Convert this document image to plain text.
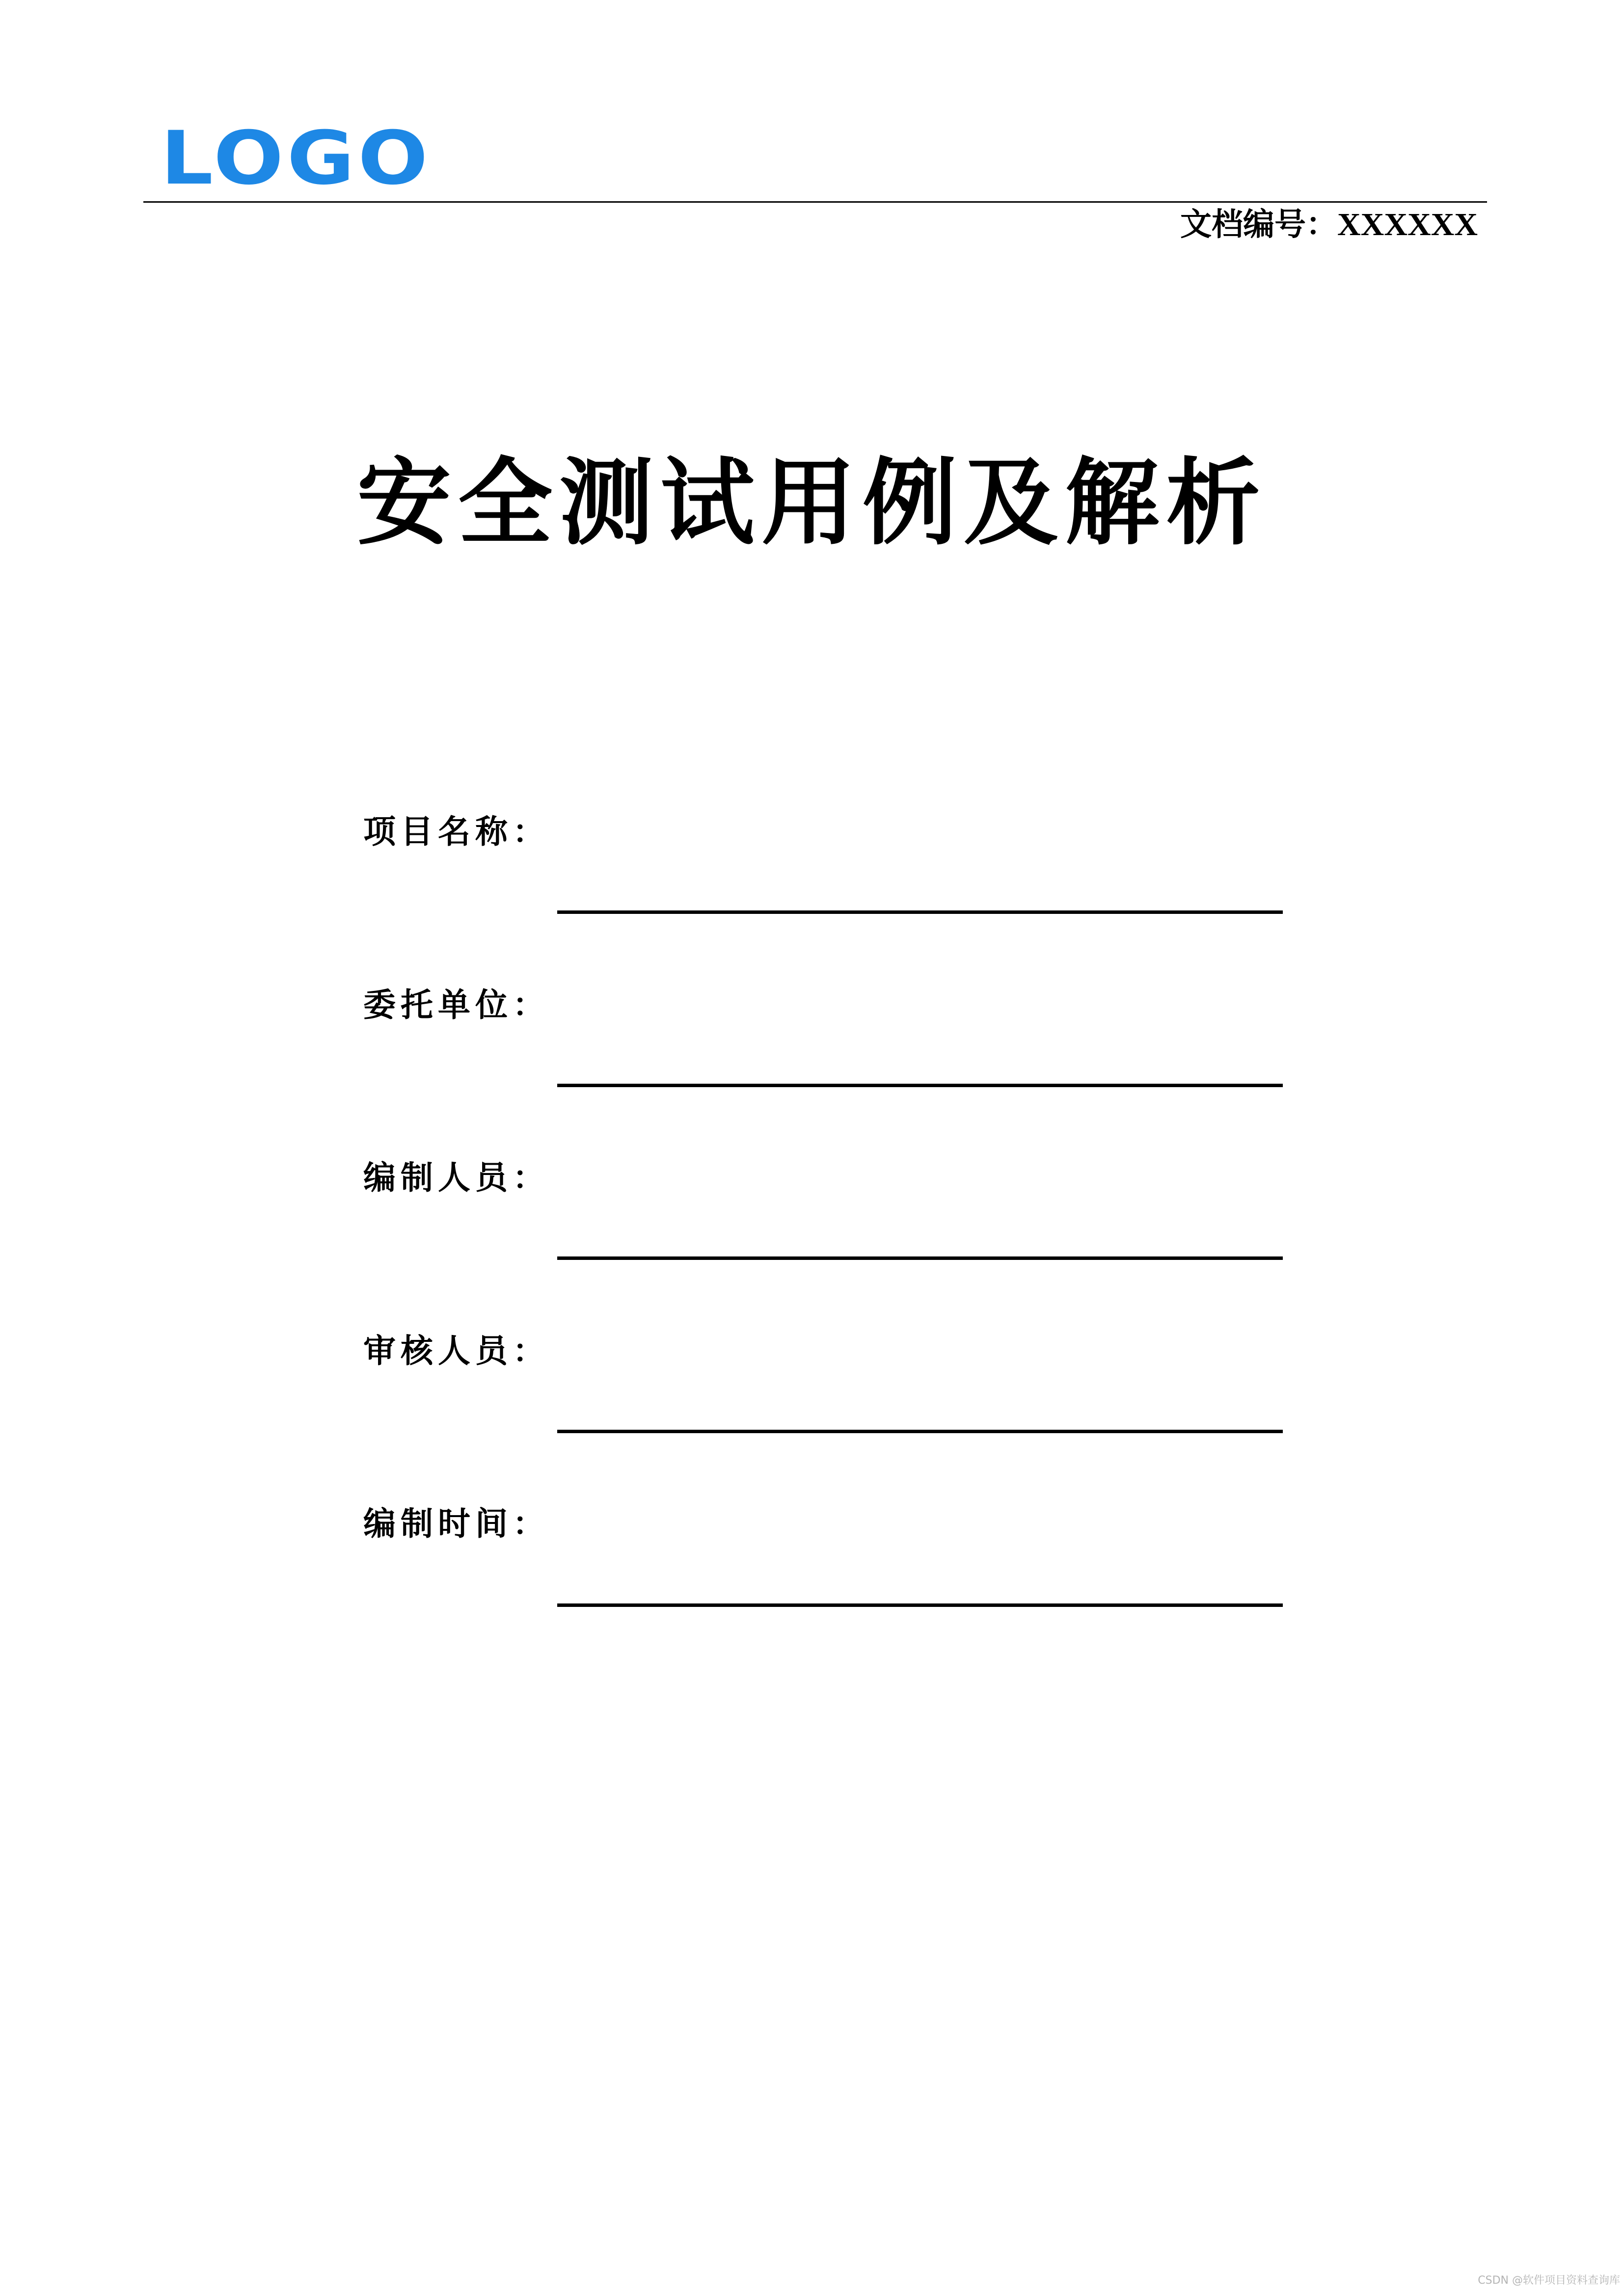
LOGO
文档编号：XXXXXX
安全测试用例及解析
项目名称：
委托单位：
编制人员：
审核人员：
编制时间：
CSDN @软件项目资料查询库
